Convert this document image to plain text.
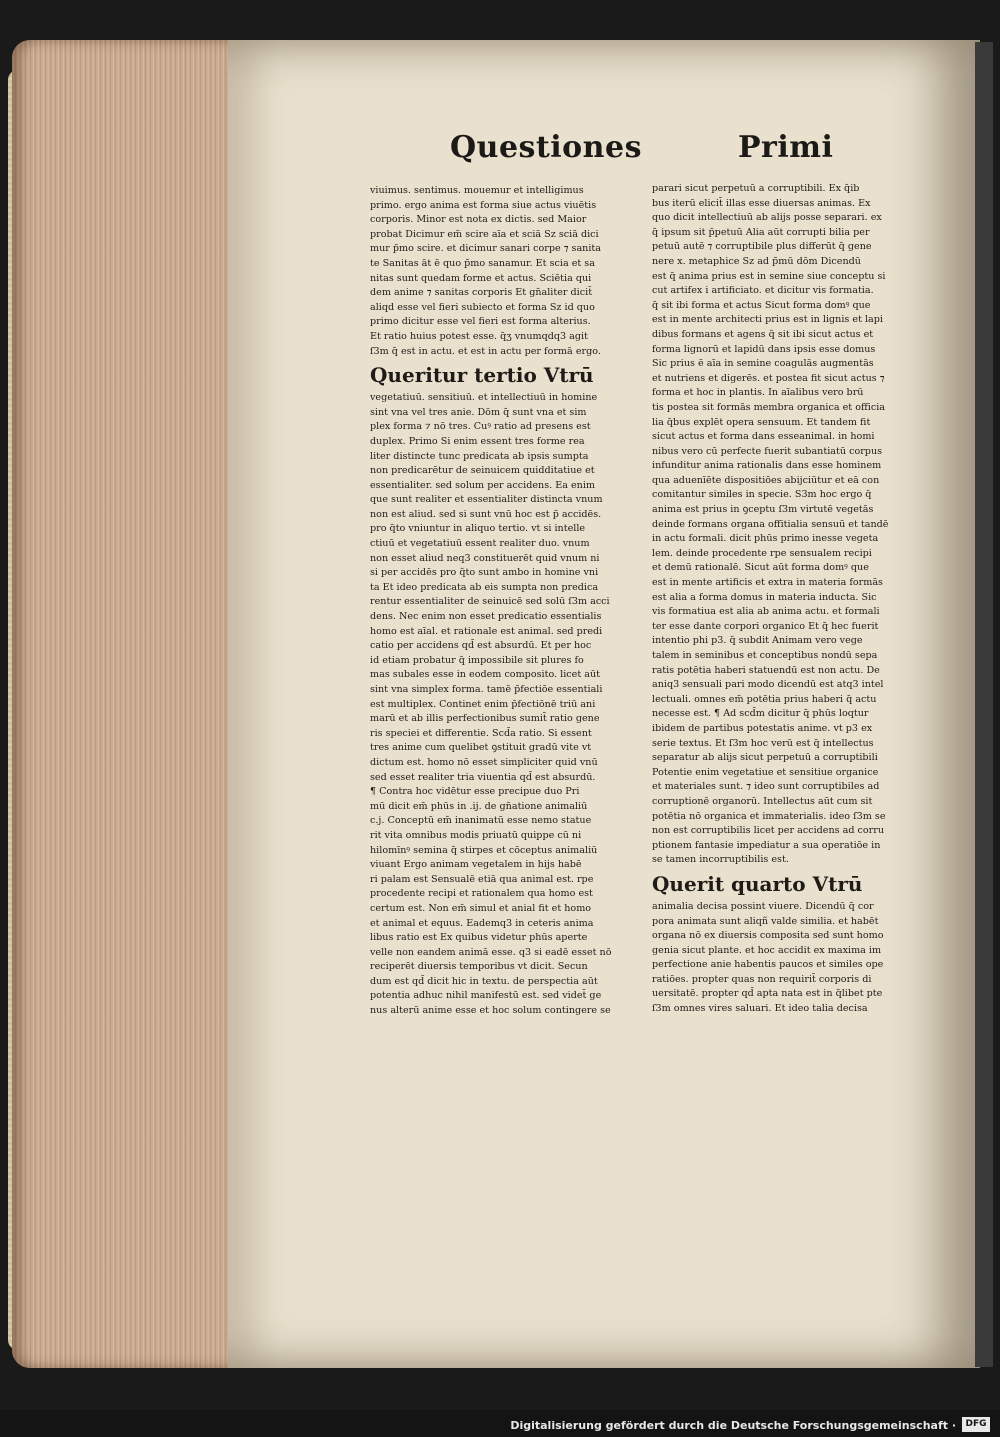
Questiones	Primi
viuimus. sentimus. mouemur et intelligimus
primo. ergo anima est forma siue actus viuētis
corporis. Minor est nota ex dictis. sed Maior
probat Dicimur em̄ scire aīa et sciā Sz sciā dici
mur p̄mo scire. et dicimur sanari corpe ⁊ sanita
te Sanitas āt ē quo p̄mo sanamur. Et scia et sa
nitas sunt quedam forme et actus. Sciētia qui
dem anime ⁊ sanitas corporis Et gn̄aliter dicit̄
aliqd esse vel fieri subiecto et forma Sz id quo
primo dicitur esse vel fieri est forma alterius.
Et ratio huius potest esse. q̄ʒ vnumqdq3 agit
ſ3m q̄ est in actu. et est in actu per formā ergo.
Queritur tertio Vtrū
vegetatiuū. sensitiuū. et intellectiuū in homine
sint vna vel tres anie. Dōm q̄ sunt vna et sim
plex forma ⁊ nō tres. Cuꝰ ratio ad presens est
duplex. Primo Si enim essent tres forme rea
liter distincte tunc predicata ab ipsis sumpta
non predicarētur de seinuicem quidditatiue et
essentialiter. sed solum per accidens. Ea enim
que sunt realiter et essentialiter distincta vnum
non est aliud. sed si sunt vnū hoc est p̄ accidēs.
pro q̄to vniuntur in aliquo tertio. vt si intelle
ctiuū et vegetatiuū essent realiter duo. vnum
non esset aliud neq3 constituerēt quid vnum ni
si per accidēs pro q̄to sunt ambo in homine vni
ta Et ideo predicata ab eis sumpta non predica
rentur essentialiter de seinuicē sed solū ſ3m acci
dens. Nec enim non esset predicatio essentialis
homo est aīal. et rationale est animal. sed predi
catio per accidens qd̄ est absurdū. Et per hoc
id etiam probatur q̄ impossibile sit plures fo
mas subales esse in eodem composito. licet aūt
sint vna simplex forma. tamē p̄fectiōe essentiali
est multiplex. Continet enim p̄fectiōnē triū ani
marū et ab illis perfectionibus sumit̄ ratio gene
ris speciei et differentie. Scd̄a ratio. Si essent
tres anime cum quelibet ꝯstituit gradū vite vt
dictum est. homo nō esset simpliciter quid vnū
sed esset realiter tria viuentia qd̄ est absurdū.
¶ Contra hoc vidētur esse precipue duo Pri
mū dicit em̄ phūs in .ij. de gn̄atione animaliū
c.j. Conceptū em̄ inanimatū esse nemo statue
rit vita omnibus modis priuatū quippe cū ni
hilomīnꝰ semina q̄ stirpes et cōceptus animaliū
viuant Ergo animam vegetalem in hijs habē
ri palam est Sensualē etiā qua animal est. rpe
procedente recipi et rationalem qua homo est
certum est. Non em̄ simul et anial fit et homo
et animal et equus. Eademq3 in ceteris anima
libus ratio est Ex quibus videtur phūs aperte
velle non eandem animā esse. q3 si eadē esset nō
reciperēt diuersis temporibus vt dicit. Secun
dum est qd̄ dicit hic in textu. de perspectia aūt
potentia adhuc nihil manifestū est. sed videt̄ ge
nus alterū anime esse et hoc solum contingere se
parari sicut perpetuū a corruptibili. Ex q̄ib
bus iterū elicit̄ illas esse diuersas animas. Ex
quo dicit intellectiuū ab alijs posse separari. ex
q̄ ipsum sit p̄petuū Alia aūt corrupti bilia per
petuū autē ⁊ corruptibile plus differūt q̄ gene
nere x. metaphice Sz ad p̄mū dōm Dicendū
est q̄ anima prius est in semine siue conceptu si
cut artifex i artificiato. et dicitur vis formatia.
q̄ sit ibi forma et actus Sicut forma domꝰ que
est in mente architecti prius est in lignis et lapi
dibus formans et agens q̄ sit ibi sicut actus et
forma lignorū et lapidū dans ipsis esse domus
Sic prius ē aīa in semine coagulās augmentās
et nutriens et digerēs. et postea fit sicut actus ⁊
forma et hoc in plantis. In aīalibus vero brū
tis postea sit formās membra organica et officia
lia q̄bus explēt opera sensuum. Et tandem fit
sicut actus et forma dans esseanimal. in homi
nibus vero cū perfecte fuerit subantiatū corpus
infunditur anima rationalis dans esse hominem
qua aduenīēte dispositiōes abijciūtur et eā con
comitantur similes in specie. S3m hoc ergo q̄
anima est prius in ꝯceptu ſ3m virtutē vegetās
deinde formans organa offitialia sensuū et tandē
in actu formali. dicit phūs primo inesse vegeta
lem. deinde procedente rpe sensualem recipi
et demū rationalē. Sicut aūt forma domꝰ que
est in mente artificis et extra in materia formās
est alia a forma domus in materia inducta. Sic
vis formatiua est alia ab anima actu. et formali
ter esse dante corpori organico Et q̄ hec fuerit
intentio phi p3. q̄ subdit Animam vero vege
talem in seminibus et conceptibus nondū sepa
ratis potētia haberi statuendū est non actu. De
aniq3 sensuali pari modo dicendū est atq3 intel
lectuali. omnes em̄ potētia prius haberi q̄ actu
necesse est. ¶ Ad scd̄m dicitur q̄ phūs loqtur
ibidem de partibus potestatis anime. vt p3 ex
serie textus. Et ſ3m hoc verū est q̄ intellectus
separatur ab alijs sicut perpetuū a corruptibili
Potentie enim vegetatiue et sensitiue organice
et materiales sunt. ⁊ ideo sunt corruptibiles ad
corruptionē organorū. Intellectus aūt cum sit
potētia nō organica et immaterialis. ideo ſ3m se
non est corruptibilis licet per accidens ad corru
ptionem fantasie impediatur a sua operatiōe in
se tamen incorruptibilis est.
Querit quarto Vtrū
animalia decisa possint viuere. Dicendū q̄ cor
pora animata sunt aliqñ valde similia. et habēt
organa nō ex diuersis composita sed sunt homo
genia sicut plante. et hoc accidit ex maxima im
perfectione anie habentis paucos et similes ope
ratiōes. propter quas non requirit̄ corporis di
uersitatē. propter qd̄ apta nata est in q̄libet pte
ſ3m omnes vires saluari. Et ideo talia decisa
Digitalisierung gefördert durch die Deutsche Forschungsgemeinschaft ·	DFG
